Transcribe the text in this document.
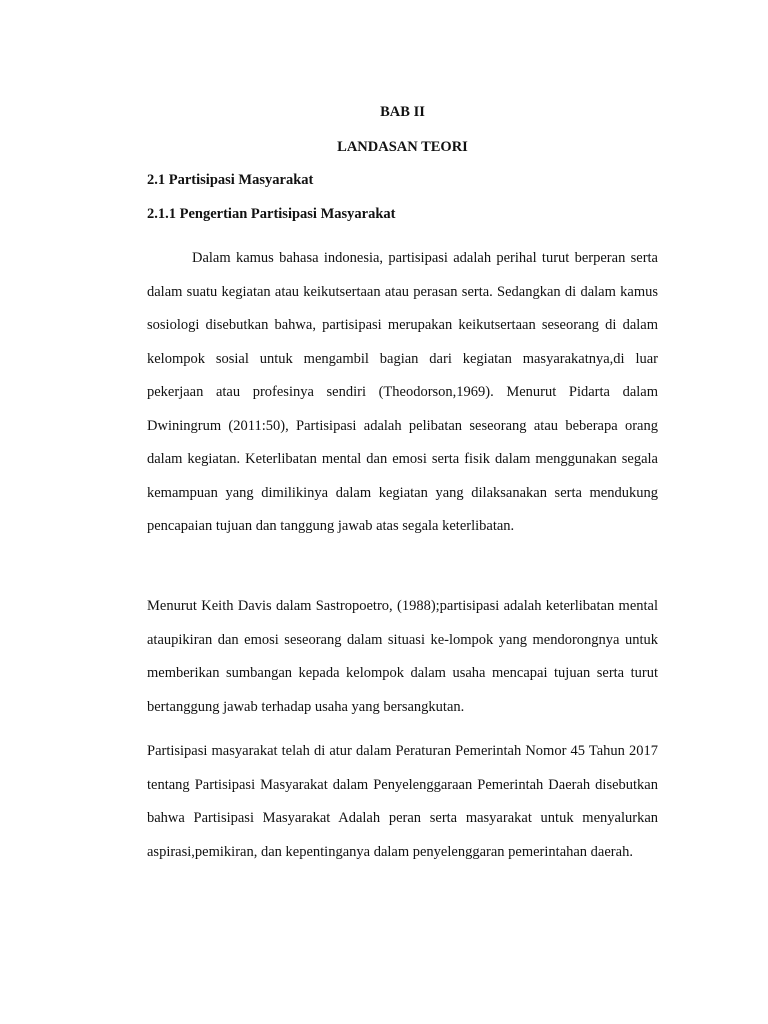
BAB II
LANDASAN TEORI
2.1 Partisipasi Masyarakat
2.1.1 Pengertian Partisipasi Masyarakat

Dalam kamus bahasa indonesia, partisipasi adalah perihal turut berperan serta dalam suatu kegiatan atau keikutsertaan atau perasan serta. Sedangkan di dalam kamus sosiologi disebutkan bahwa, partisipasi merupakan keikutsertaan seseorang di dalam kelompok sosial untuk mengambil bagian dari kegiatan masyarakatnya,di luar pekerjaan atau profesinya sendiri (Theodorson,1969). Menurut Pidarta dalam Dwiningrum (2011:50), Partisipasi adalah pelibatan seseorang atau beberapa orang dalam kegiatan. Keterlibatan mental dan emosi serta fisik dalam menggunakan segala kemampuan yang dimilikinya dalam kegiatan yang dilaksanakan serta mendukung pencapaian tujuan dan tanggung jawab atas segala keterlibatan.

Menurut Keith Davis dalam Sastropoetro, (1988);partisipasi adalah keterlibatan mental ataupikiran dan emosi seseorang dalam situasi ke-lompok yang mendorongnya untuk memberikan sumbangan kepada kelompok dalam usaha mencapai tujuan serta turut bertanggung jawab terhadap usaha yang bersangkutan.

Partisipasi masyarakat telah di atur dalam Peraturan Pemerintah Nomor 45 Tahun 2017 tentang Partisipasi Masyarakat dalam Penyelenggaraan Pemerintah Daerah disebutkan bahwa Partisipasi Masyarakat Adalah peran serta masyarakat untuk menyalurkan aspirasi,pemikiran, dan kepentinganya dalam penyelenggaran pemerintahan daerah.
